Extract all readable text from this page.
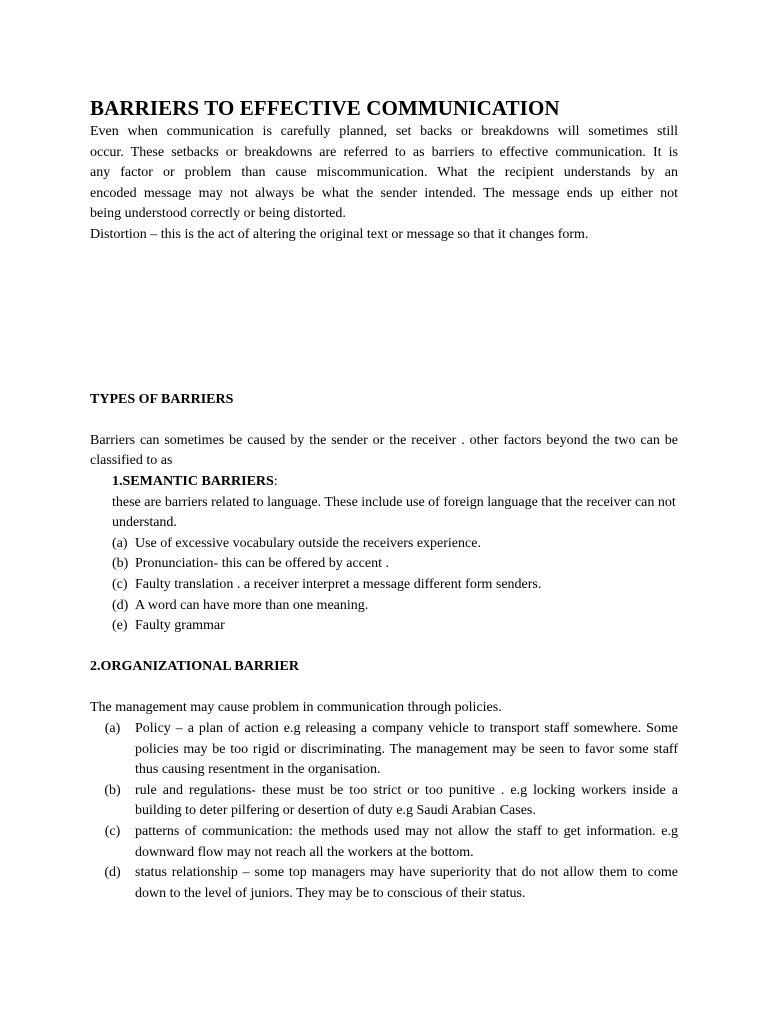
BARRIERS TO EFFECTIVE COMMUNICATION
Even when communication is carefully planned, set backs or breakdowns will sometimes still
occur. These setbacks or breakdowns are referred to as barriers to effective communication. It is
any factor or problem than cause miscommunication. What the recipient understands by an
encoded message may not always be what the sender intended. The message ends up either not
being understood correctly or being distorted.

Distortion – this is the act of altering the original text or message so that it changes form.

TYPES OF BARRIERS

Barriers can sometimes be caused by the sender or the receiver . other factors beyond the two can be classified to as

1.SEMANTIC BARRIERS:

these are barriers related to language. These include use of foreign language that the receiver can not understand.

(a) Use of excessive vocabulary outside the receivers experience.
(b) Pronunciation- this can be offered by accent .
(c) Faulty translation . a receiver interpret a message different form senders.
(d) A word can have more than one meaning.
(e) Faulty grammar
2.ORGANIZATIONAL BARRIER

The management may cause problem in communication through policies.

(a)	Policy – a plan of action e.g releasing a company vehicle to transport staff somewhere. Some policies may be too rigid or discriminating. The management may be seen to favor some staff thus causing resentment in the organisation.
(b)	rule and regulations- these must be too strict or too punitive . e.g locking workers inside a building to deter pilfering or desertion of duty e.g Saudi Arabian Cases.
(c)	patterns of communication: the methods used may not allow the staff to get information. e.g downward flow may not reach all the workers at the bottom.
(d)	status relationship – some top managers may have superiority that do not allow them to come down to the level of juniors. They may be to conscious of their status.
